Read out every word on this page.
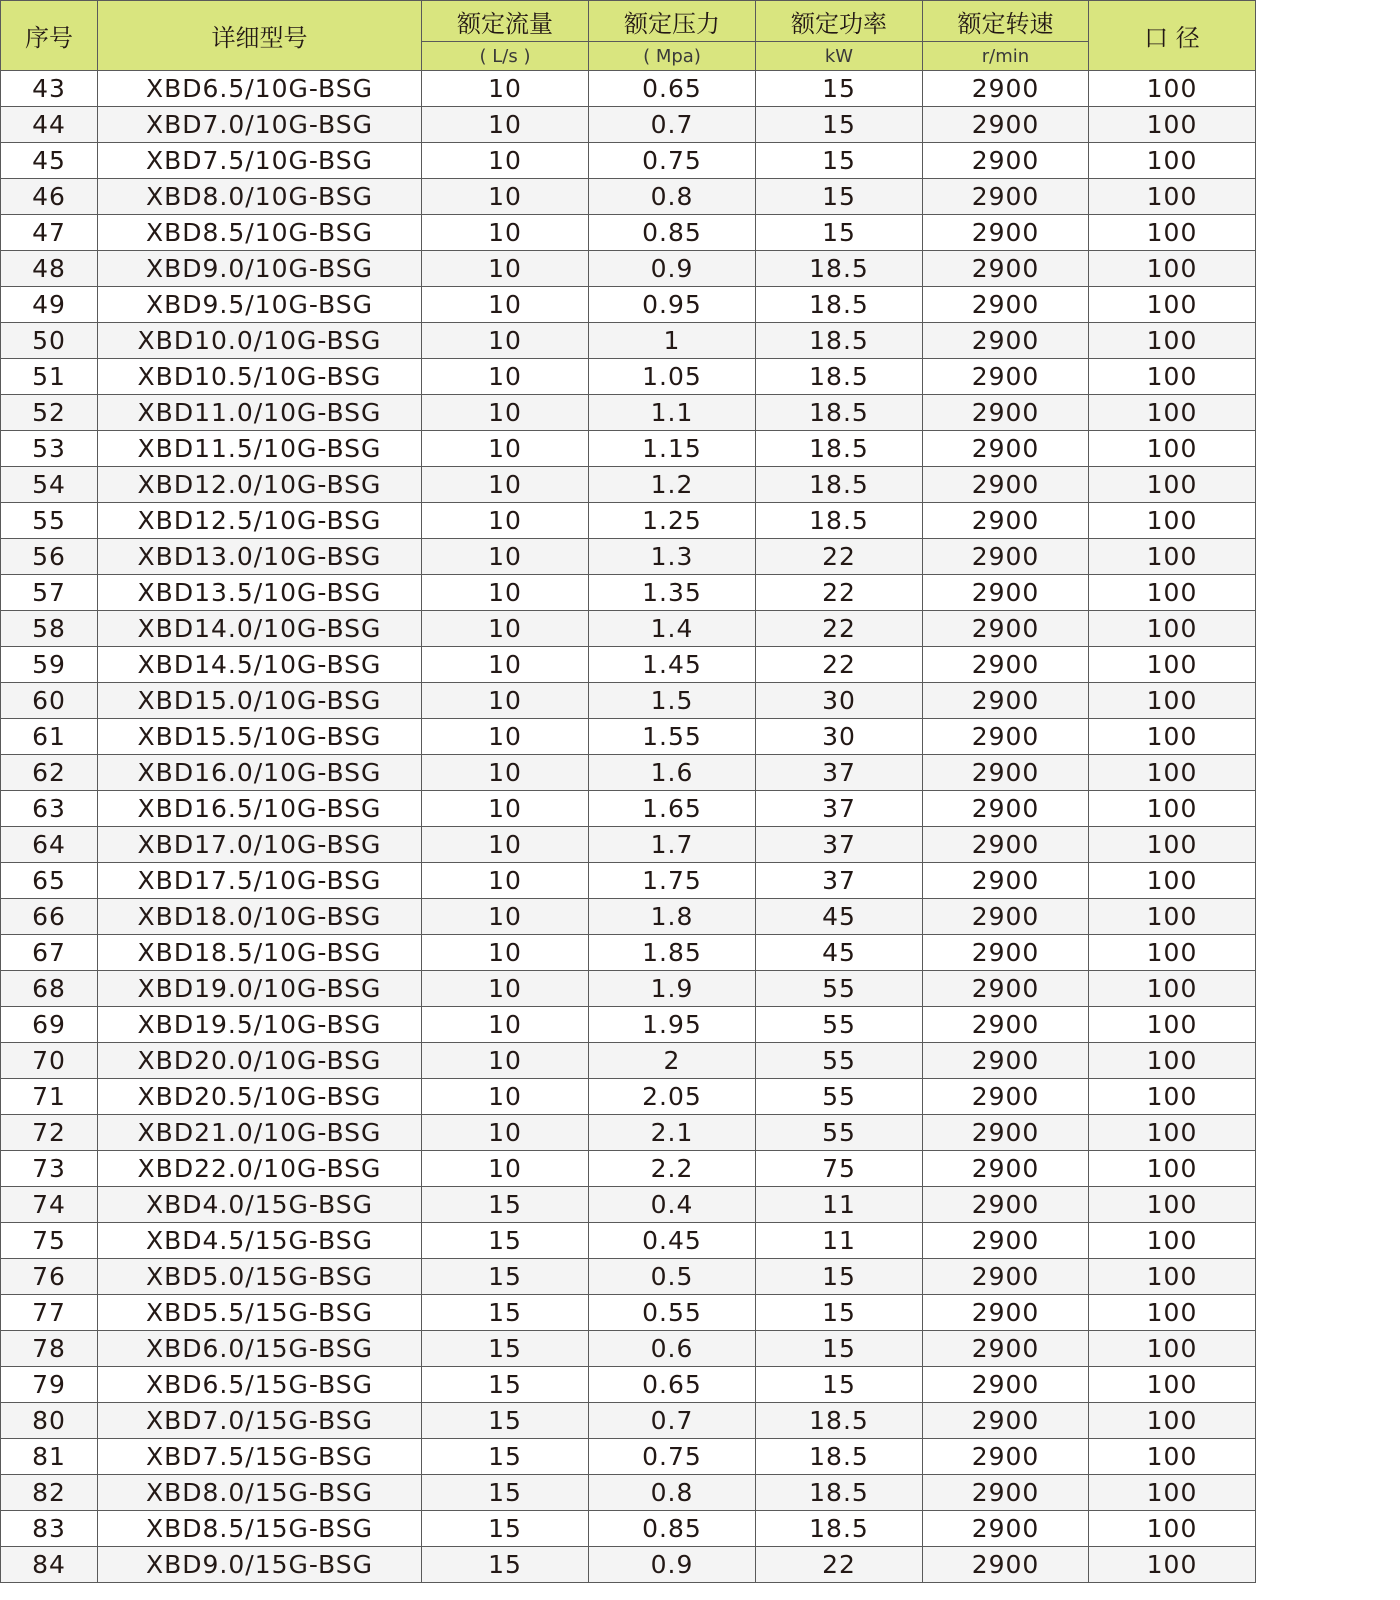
序号	详细型号	额定流量	额定压力	额定功率	额定转速	口 径
		( L/s )	( Mpa)	kW	r/min	
43	XBD6.5/10G-BSG	10	0.65	15	2900	100
44	XBD7.0/10G-BSG	10	0.7	15	2900	100
45	XBD7.5/10G-BSG	10	0.75	15	2900	100
46	XBD8.0/10G-BSG	10	0.8	15	2900	100
47	XBD8.5/10G-BSG	10	0.85	15	2900	100
48	XBD9.0/10G-BSG	10	0.9	18.5	2900	100
49	XBD9.5/10G-BSG	10	0.95	18.5	2900	100
50	XBD10.0/10G-BSG	10	1	18.5	2900	100
51	XBD10.5/10G-BSG	10	1.05	18.5	2900	100
52	XBD11.0/10G-BSG	10	1.1	18.5	2900	100
53	XBD11.5/10G-BSG	10	1.15	18.5	2900	100
54	XBD12.0/10G-BSG	10	1.2	18.5	2900	100
55	XBD12.5/10G-BSG	10	1.25	18.5	2900	100
56	XBD13.0/10G-BSG	10	1.3	22	2900	100
57	XBD13.5/10G-BSG	10	1.35	22	2900	100
58	XBD14.0/10G-BSG	10	1.4	22	2900	100
59	XBD14.5/10G-BSG	10	1.45	22	2900	100
60	XBD15.0/10G-BSG	10	1.5	30	2900	100
61	XBD15.5/10G-BSG	10	1.55	30	2900	100
62	XBD16.0/10G-BSG	10	1.6	37	2900	100
63	XBD16.5/10G-BSG	10	1.65	37	2900	100
64	XBD17.0/10G-BSG	10	1.7	37	2900	100
65	XBD17.5/10G-BSG	10	1.75	37	2900	100
66	XBD18.0/10G-BSG	10	1.8	45	2900	100
67	XBD18.5/10G-BSG	10	1.85	45	2900	100
68	XBD19.0/10G-BSG	10	1.9	55	2900	100
69	XBD19.5/10G-BSG	10	1.95	55	2900	100
70	XBD20.0/10G-BSG	10	2	55	2900	100
71	XBD20.5/10G-BSG	10	2.05	55	2900	100
72	XBD21.0/10G-BSG	10	2.1	55	2900	100
73	XBD22.0/10G-BSG	10	2.2	75	2900	100
74	XBD4.0/15G-BSG	15	0.4	11	2900	100
75	XBD4.5/15G-BSG	15	0.45	11	2900	100
76	XBD5.0/15G-BSG	15	0.5	15	2900	100
77	XBD5.5/15G-BSG	15	0.55	15	2900	100
78	XBD6.0/15G-BSG	15	0.6	15	2900	100
79	XBD6.5/15G-BSG	15	0.65	15	2900	100
80	XBD7.0/15G-BSG	15	0.7	18.5	2900	100
81	XBD7.5/15G-BSG	15	0.75	18.5	2900	100
82	XBD8.0/15G-BSG	15	0.8	18.5	2900	100
83	XBD8.5/15G-BSG	15	0.85	18.5	2900	100
84	XBD9.0/15G-BSG	15	0.9	22	2900	100
